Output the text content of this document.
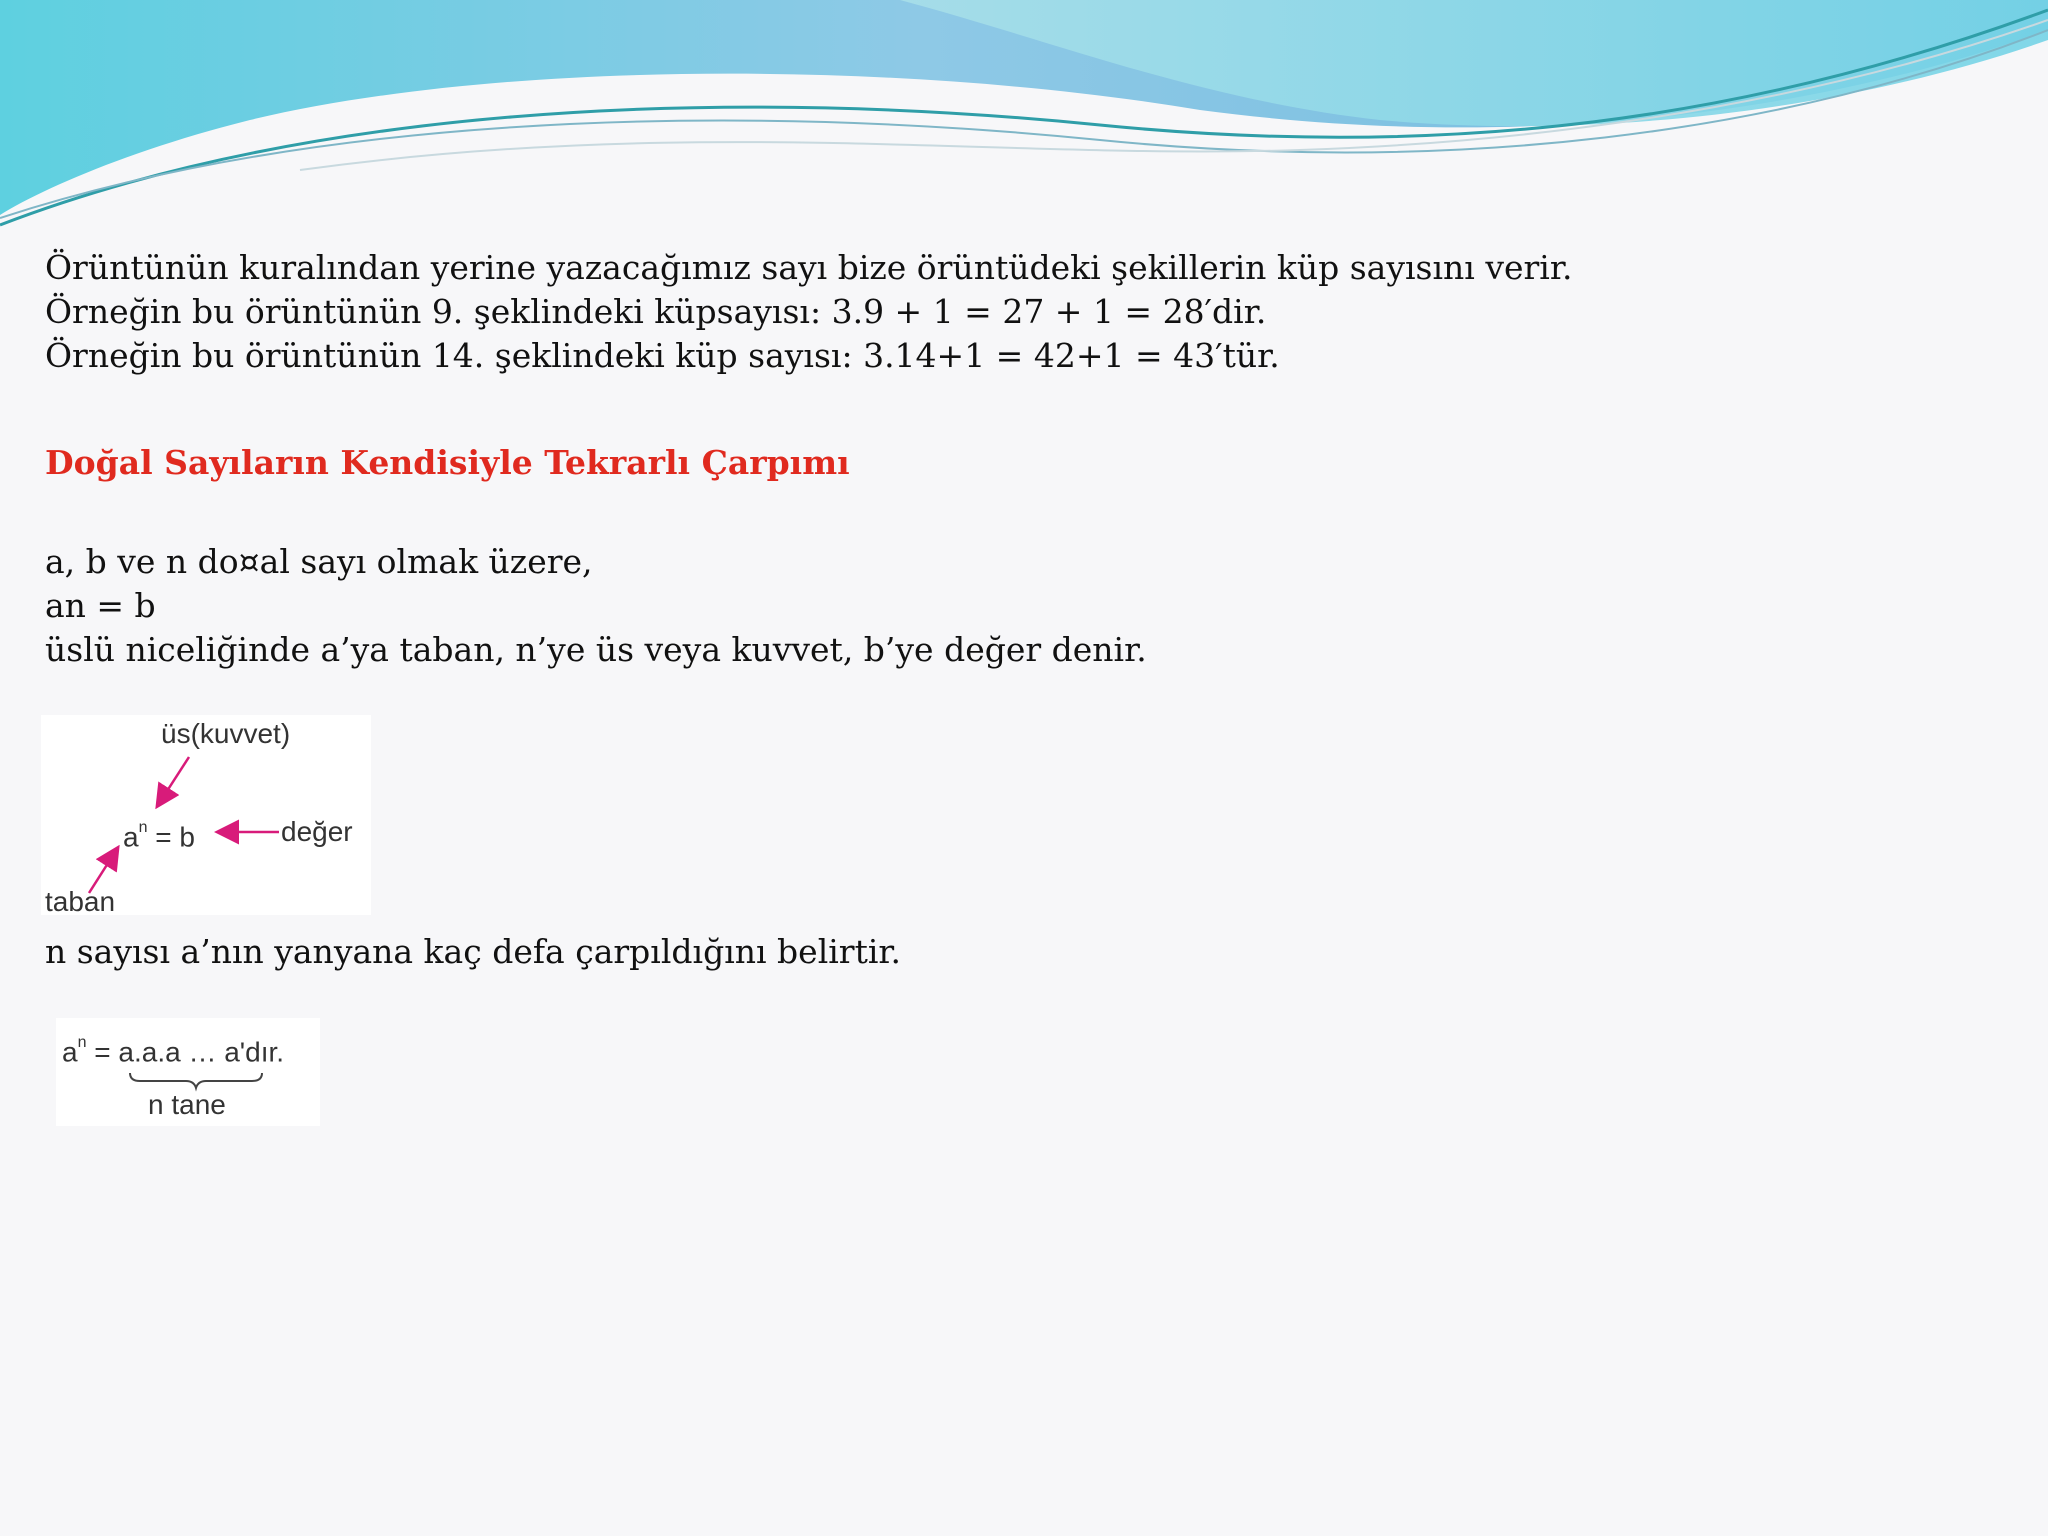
Örüntünün kuralından yerine yazacağımız sayı bize örüntüdeki şekillerin küp sayısını verir.

Örneğin bu örüntünün 9. şeklindeki küpsayısı: 3.9 + 1 = 27 + 1 = 28′dir.

Örneğin bu örüntünün 14. şeklindeki küp sayısı: 3.14+1 = 42+1 = 43′tür.

Doğal Sayıların Kendisiyle Tekrarlı Çarpımı

a, b ve n do¤al sayı olmak üzere,

an = b

üslü niceliğinde a’ya taban, n’ye üs veya kuvvet, b’ye değer denir.

üs(kuvvet)
$a^n = b$	değer
taban

n sayısı a’nın yanyana kaç defa çarpıldığını belirtir.

$a^n = a.a.a$ … a'dır.
n tane
